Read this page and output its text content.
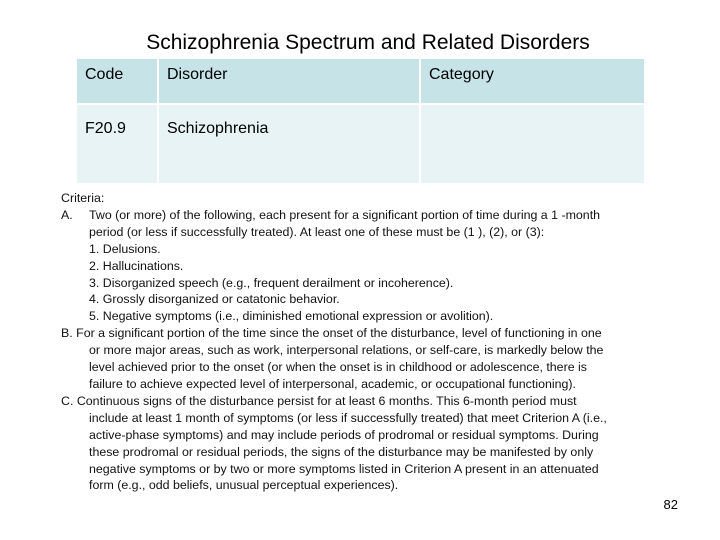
Schizophrenia Spectrum and Related Disorders
Code	Disorder	Category
F20.9	Schizophrenia	
Criteria:
A. Two (or more) of the following, each present for a significant portion of time during a 1 -month
period (or less if successfully treated). At least one of these must be (1 ), (2), or (3):
1. Delusions.
2. Hallucinations.
3. Disorganized speech (e.g., frequent derailment or incoherence).
4. Grossly disorganized or catatonic behavior.
5. Negative symptoms (i.e., diminished emotional expression or avolition).
B. For a significant portion of the time since the onset of the disturbance, level of functioning in one
or more major areas, such as work, interpersonal relations, or self-care, is markedly below the
level achieved prior to the onset (or when the onset is in childhood or adolescence, there is
failure to achieve expected level of interpersonal, academic, or occupational functioning).
C. Continuous signs of the disturbance persist for at least 6 months. This 6-month period must
include at least 1 month of symptoms (or less if successfully treated) that meet Criterion A (i.e.,
active-phase symptoms) and may include periods of prodromal or residual symptoms. During
these prodromal or residual periods, the signs of the disturbance may be manifested by only
negative symptoms or by two or more symptoms listed in Criterion A present in an attenuated
form (e.g., odd beliefs, unusual perceptual experiences).
82
